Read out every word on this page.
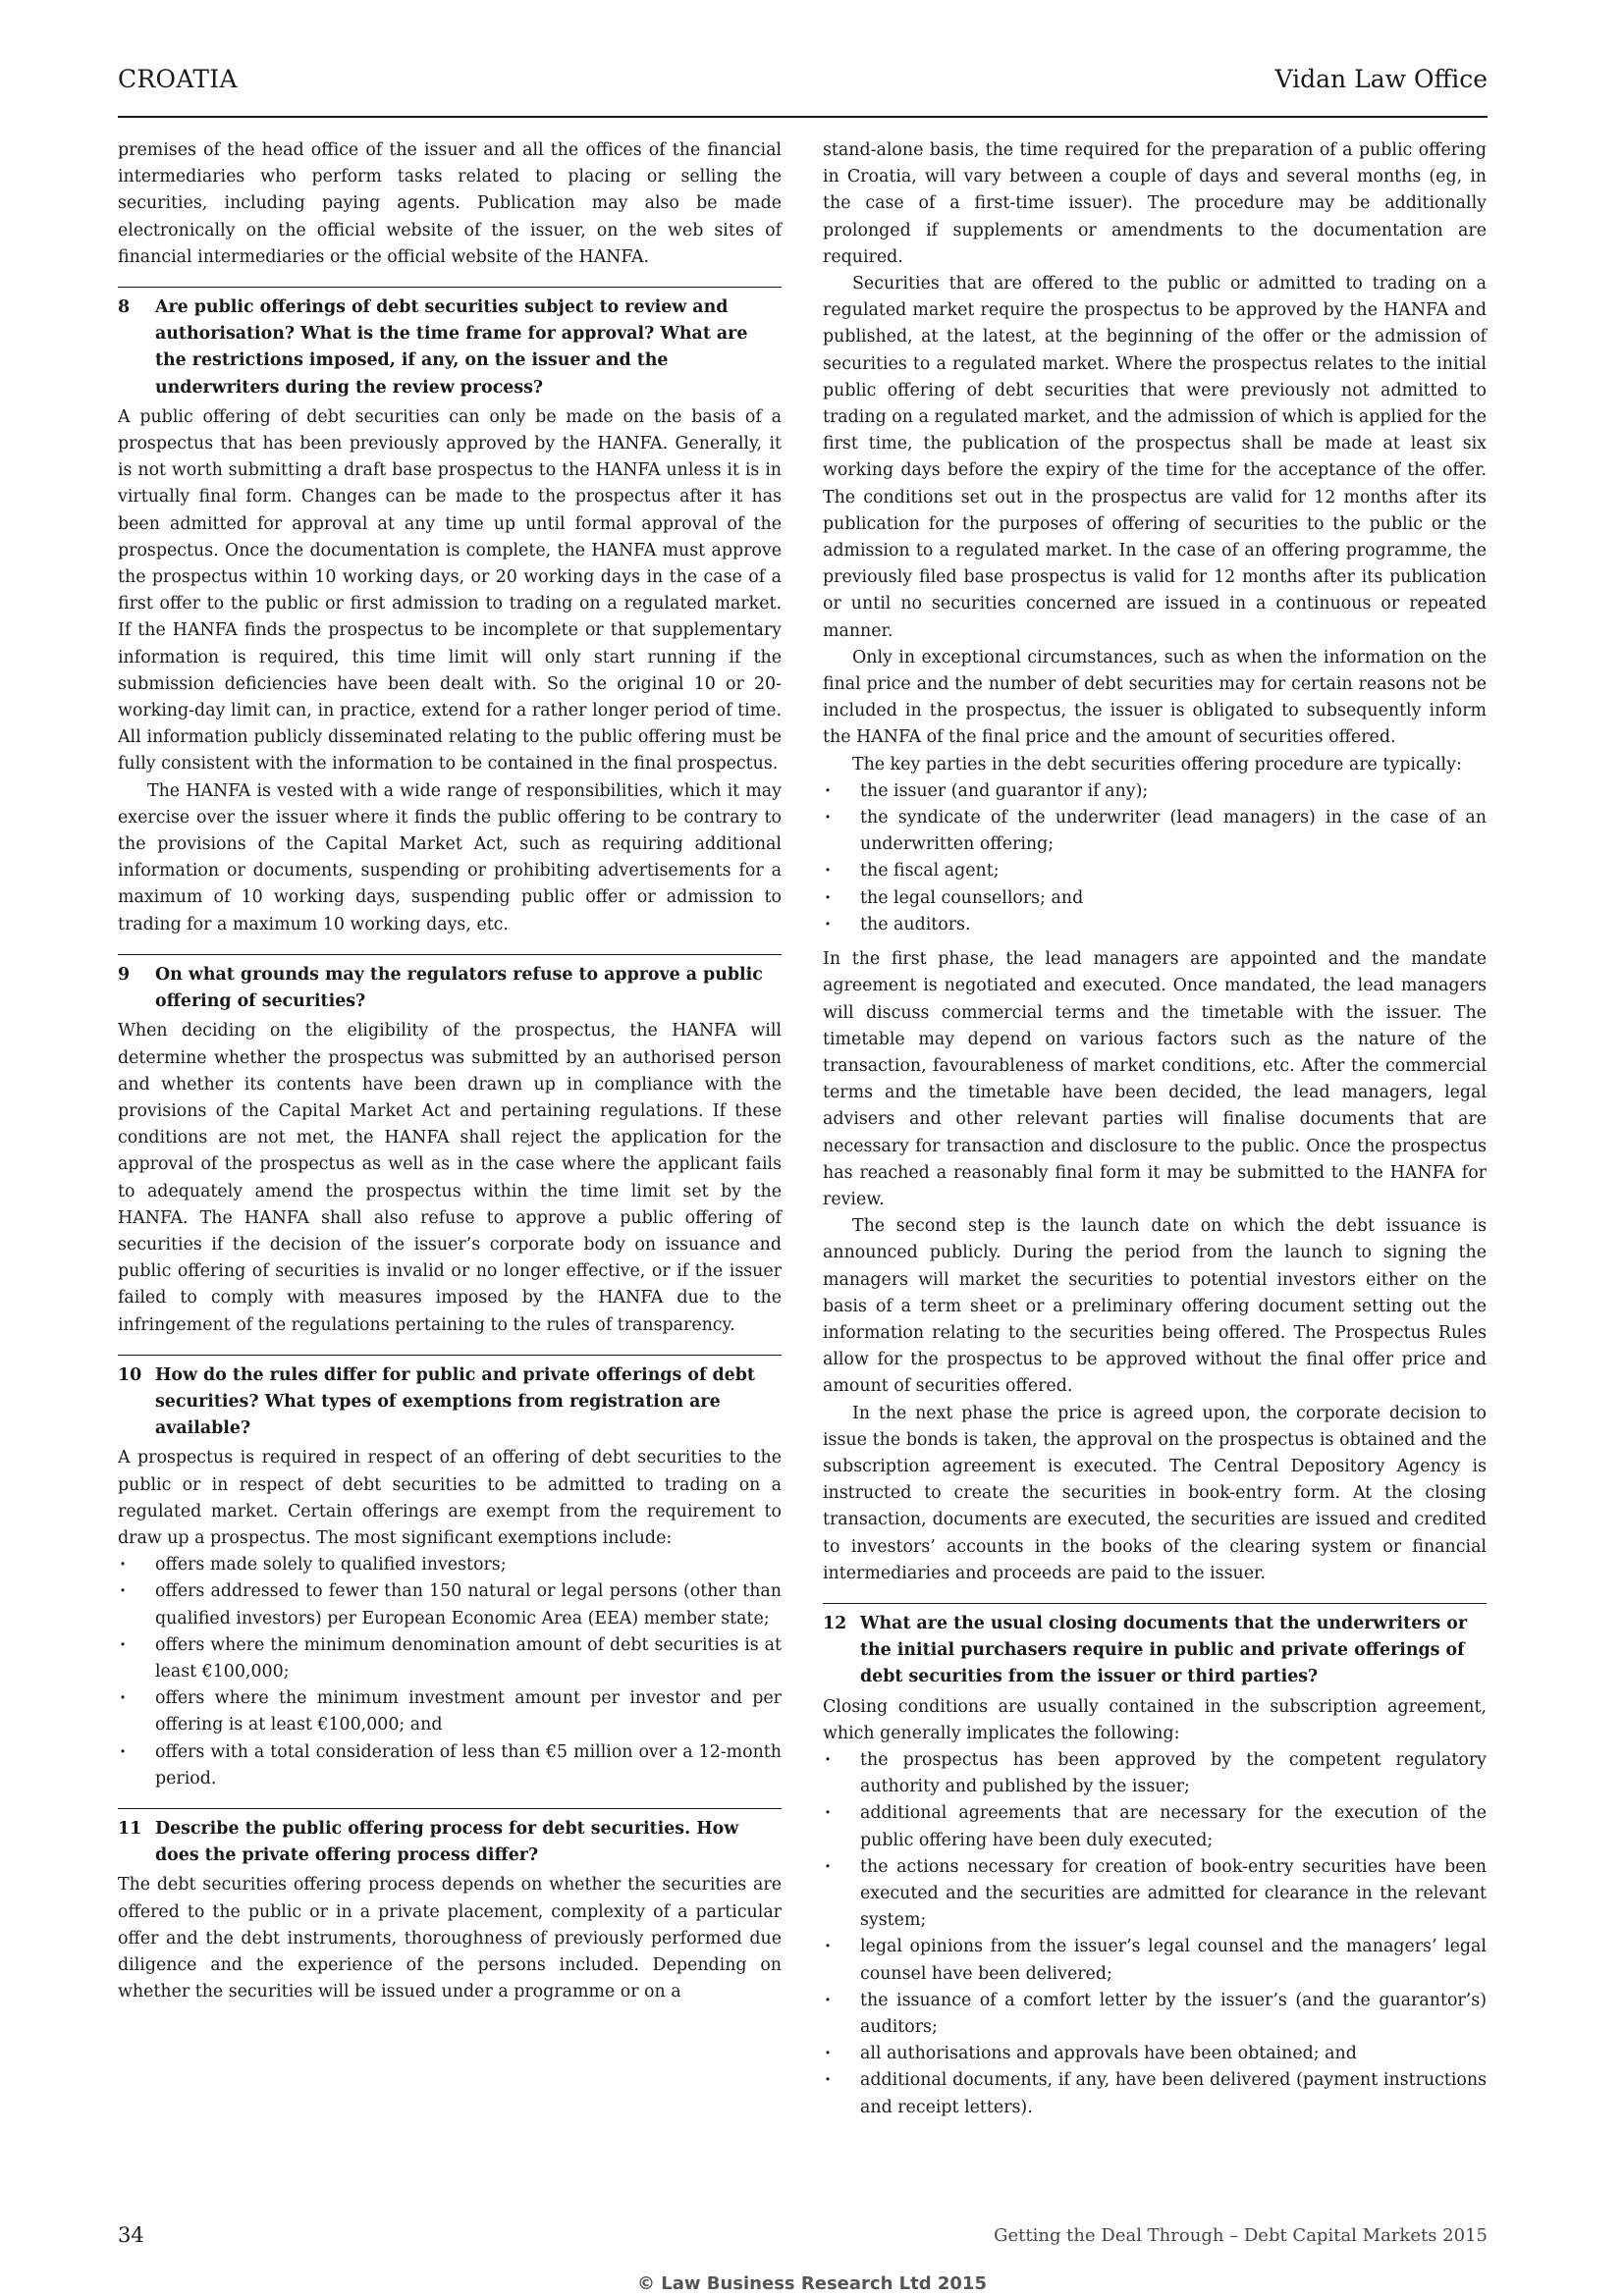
CROATIA	Vidan Law Office

premises of the head office of the issuer and all the offices of the financial intermediaries who perform tasks related to placing or selling the securities, including paying agents. Publication may also be made electronically on the official website of the issuer, on the web sites of financial intermediaries or the official website of the HANFA.

8	Are public offerings of debt securities subject to review and authorisation? What is the time frame for approval? What are the restrictions imposed, if any, on the issuer and the underwriters during the review process?

A public offering of debt securities can only be made on the basis of a prospectus that has been previously approved by the HANFA. Generally, it is not worth submitting a draft base prospectus to the HANFA unless it is in virtually final form. Changes can be made to the prospectus after it has been admitted for approval at any time up until formal approval of the prospectus. Once the documentation is complete, the HANFA must approve the prospectus within 10 working days, or 20 working days in the case of a first offer to the public or first admission to trading on a regulated market. If the HANFA finds the prospectus to be incomplete or that supplementary information is required, this time limit will only start running if the submission deficiencies have been dealt with. So the original 10 or 20-working-day limit can, in practice, extend for a rather longer period of time. All information publicly disseminated relating to the public offering must be fully consistent with the information to be contained in the final prospectus.

The HANFA is vested with a wide range of responsibilities, which it may exercise over the issuer where it finds the public offering to be contrary to the provisions of the Capital Market Act, such as requiring additional information or documents, suspending or prohibiting advertisements for a maximum of 10 working days, suspending public offer or admission to trading for a maximum 10 working days, etc.

9	On what grounds may the regulators refuse to approve a public offering of securities?

When deciding on the eligibility of the prospectus, the HANFA will determine whether the prospectus was submitted by an authorised person and whether its contents have been drawn up in compliance with the provisions of the Capital Market Act and pertaining regulations. If these conditions are not met, the HANFA shall reject the application for the approval of the prospectus as well as in the case where the applicant fails to adequately amend the prospectus within the time limit set by the HANFA. The HANFA shall also refuse to approve a public offering of securities if the decision of the issuer’s corporate body on issuance and public offering of securities is invalid or no longer effective, or if the issuer failed to comply with measures imposed by the HANFA due to the infringement of the regulations pertaining to the rules of transparency.

10 How do the rules differ for public and private offerings of debt securities? What types of exemptions from registration are available?

A prospectus is required in respect of an offering of debt securities to the public or in respect of debt securities to be admitted to trading on a regulated market. Certain offerings are exempt from the requirement to draw up a prospectus. The most significant exemptions include:

· offers made solely to qualified investors;
· offers addressed to fewer than 150 natural or legal persons (other than qualified investors) per European Economic Area (EEA) member state;
· offers where the minimum denomination amount of debt securities is at least €100,000;
· offers where the minimum investment amount per investor and per offering is at least €100,000; and
· offers with a total consideration of less than €5 million over a 12-month period.
11 Describe the public offering process for debt securities. How does the private offering process differ?

The debt securities offering process depends on whether the securities are offered to the public or in a private placement, complexity of a particular offer and the debt instruments, thoroughness of previously performed due diligence and the experience of the persons included. Depending on whether the securities will be issued under a programme or on a

stand-alone basis, the time required for the preparation of a public offering in Croatia, will vary between a couple of days and several months (eg, in the case of a first-time issuer). The procedure may be additionally prolonged if supplements or amendments to the documentation are required.

Securities that are offered to the public or admitted to trading on a regulated market require the prospectus to be approved by the HANFA and published, at the latest, at the beginning of the offer or the admission of securities to a regulated market. Where the prospectus relates to the initial public offering of debt securities that were previously not admitted to trading on a regulated market, and the admission of which is applied for the first time, the publication of the prospectus shall be made at least six working days before the expiry of the time for the acceptance of the offer. The conditions set out in the prospectus are valid for 12 months after its publication for the purposes of offering of securities to the public or the admission to a regulated market. In the case of an offering programme, the previously filed base prospectus is valid for 12 months after its publication or until no securities concerned are issued in a continuous or repeated manner.

Only in exceptional circumstances, such as when the information on the final price and the number of debt securities may for certain reasons not be included in the prospectus, the issuer is obligated to subsequently inform the HANFA of the final price and the amount of securities offered.

The key parties in the debt securities offering procedure are typically:

· the issuer (and guarantor if any);
· the syndicate of the underwriter (lead managers) in the case of an underwritten offering;
· the fiscal agent;
· the legal counsellors; and
· the auditors.

In the first phase, the lead managers are appointed and the mandate agreement is negotiated and executed. Once mandated, the lead managers will discuss commercial terms and the timetable with the issuer. The timetable may depend on various factors such as the nature of the transaction, favourableness of market conditions, etc. After the commercial terms and the timetable have been decided, the lead managers, legal advisers and other relevant parties will finalise documents that are necessary for transaction and disclosure to the public. Once the prospectus has reached a reasonably final form it may be submitted to the HANFA for review.

The second step is the launch date on which the debt issuance is announced publicly. During the period from the launch to signing the managers will market the securities to potential investors either on the basis of a term sheet or a preliminary offering document setting out the information relating to the securities being offered. The Prospectus Rules allow for the prospectus to be approved without the final offer price and amount of securities offered.

In the next phase the price is agreed upon, the corporate decision to issue the bonds is taken, the approval on the prospectus is obtained and the subscription agreement is executed. The Central Depository Agency is instructed to create the securities in book-entry form. At the closing transaction, documents are executed, the securities are issued and credited to investors’ accounts in the books of the clearing system or financial intermediaries and proceeds are paid to the issuer.

12 What are the usual closing documents that the underwriters or the initial purchasers require in public and private offerings of debt securities from the issuer or third parties?

Closing conditions are usually contained in the subscription agreement, which generally implicates the following:

· the prospectus has been approved by the competent regulatory authority and published by the issuer;
· additional agreements that are necessary for the execution of the public offering have been duly executed;
· the actions necessary for creation of book-entry securities have been executed and the securities are admitted for clearance in the relevant system;
· legal opinions from the issuer’s legal counsel and the managers’ legal counsel have been delivered;
· the issuance of a comfort letter by the issuer’s (and the guarantor’s) auditors;
· all authorisations and approvals have been obtained; and
· additional documents, if any, have been delivered (payment instructions and receipt letters).
34	Getting the Deal Through – Debt Capital Markets 2015
© Law Business Research Ltd 2015
